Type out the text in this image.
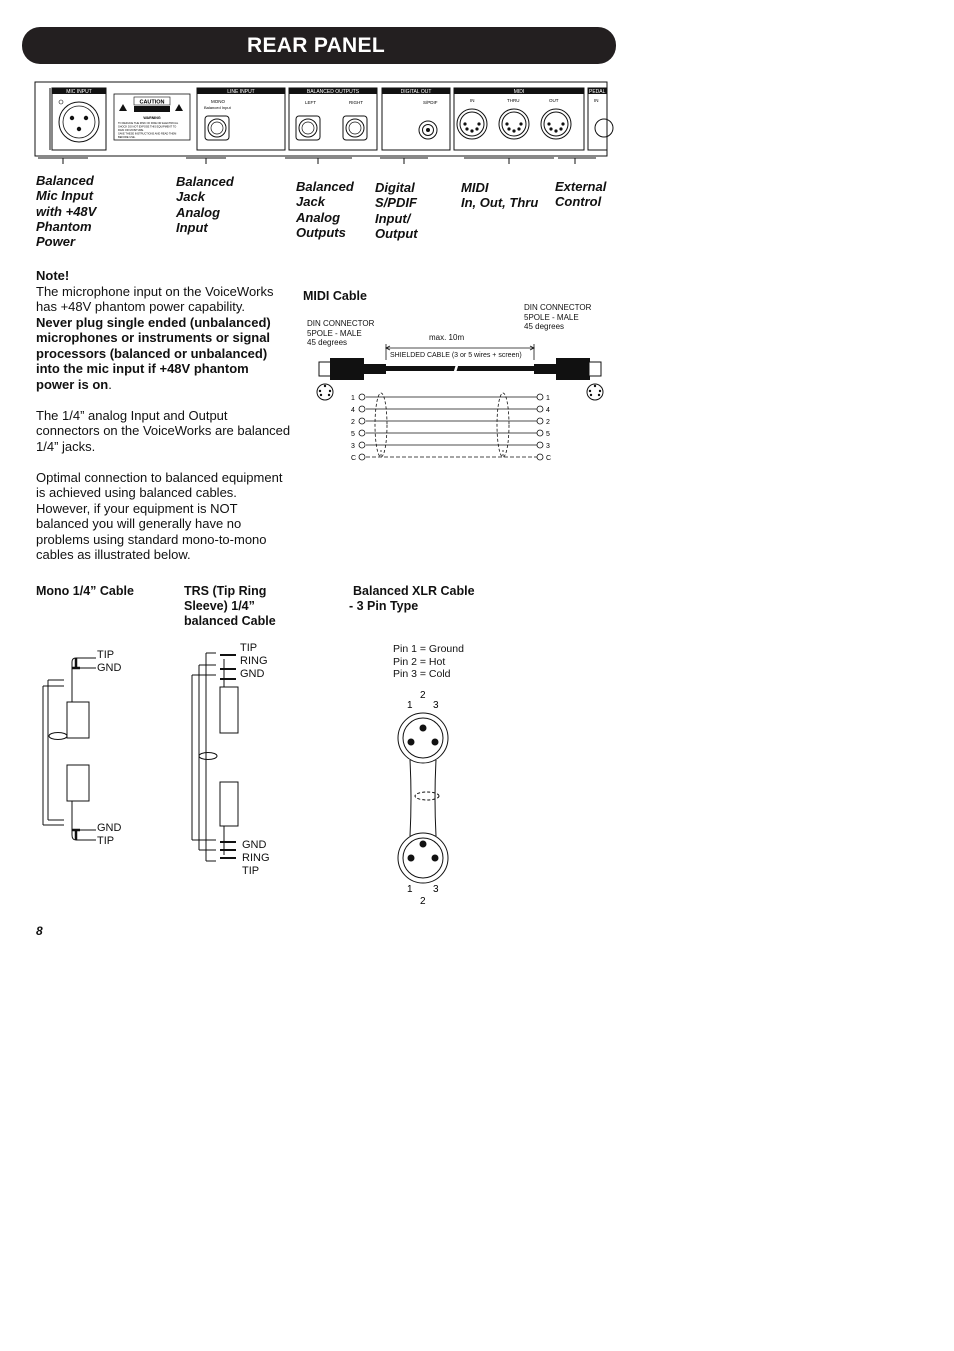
REAR PANEL
MIC INPUT
CAUTION
WARNING
TO REDUCE THE RISK OF FIRE OR ELECTRICAL
SHOCK DO NOT EXPOSE THIS EQUIPMENT TO
RAIN OR MOISTURE.
SAVE THESE INSTRUCTIONS AND READ THEM
BEFORE USE.
LINE INPUT
MONO
Balanced Input
BALANCED OUTPUTS
LEFT	RIGHT
DIGITAL OUT
S/PDIF
MIDI
IN	THRU	OUT
PEDAL
IN
Balanced
Mic Input
with +48V
Phantom
Power
Balanced
Jack
Analog
Input
Balanced
Jack
Analog
Outputs
Digital
S/PDIF
Input/
Output
MIDI
In, Out, Thru
External
Control
Note!
The microphone input on the VoiceWorks
has +48V phantom power capability.
Never plug single ended (unbalanced)
microphones or instruments or signal
processors (balanced or unbalanced)
into the mic input if +48V phantom
power is on.

The 1/4” analog Input and Output
connectors on the VoiceWorks are balanced
1/4” jacks.

Optimal connection to balanced equipment
is achieved using balanced cables.
However, if your equipment is NOT
balanced you will generally have no
problems using standard mono-to-mono
cables as illustrated below.
MIDI Cable
DIN CONNECTOR
5POLE - MALE
45 degrees
DIN CONNECTOR
5POLE - MALE
45 degrees
max. 10m
SHIELDED CABLE (3 or 5 wires + screen)
1
4
2
5
3
C
1
4
2
5
3
C
Mono 1/4” Cable	TRS (Tip Ring
Sleeve) 1/4”
balanced Cable
Balanced XLR Cable
- 3 Pin Type
TIP
GND
GND
TIP
TIP
RING
GND
GND
RING
TIP
Pin 1 = Ground
Pin 2 = Hot
Pin 3 = Cold
2
1 3
1 3
2
8
